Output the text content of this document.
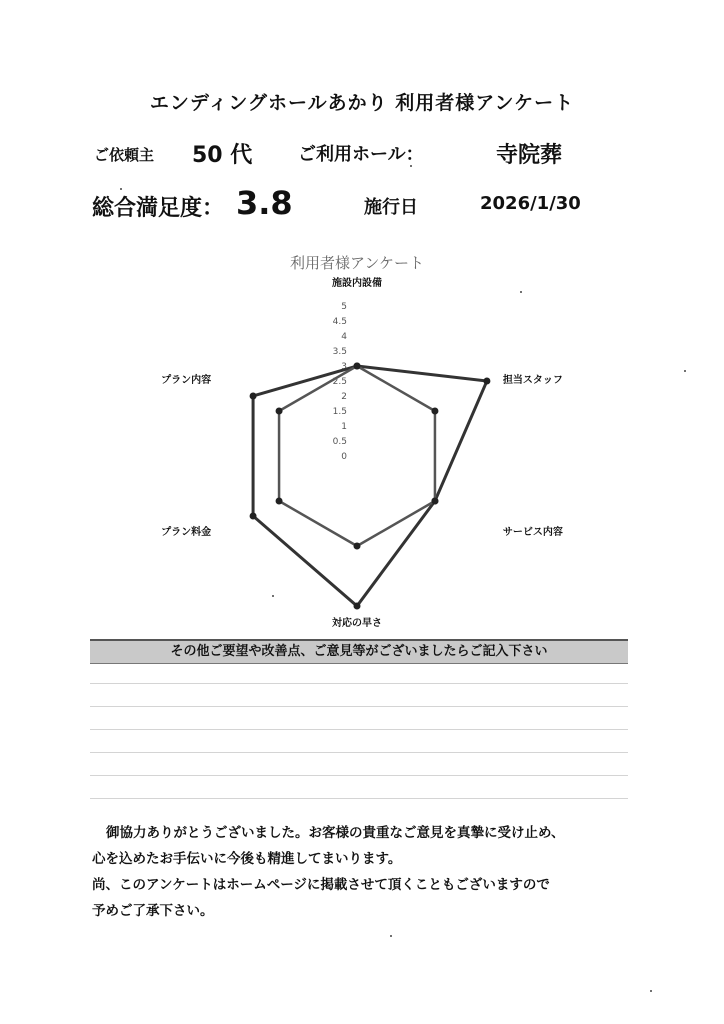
エンディングホールあかり 利用者様アンケート
ご依頼主 50 代	ご利用ホール：	寺院葬
総合満足度： 3.8	施行日	2026/1/30
利用者様アンケート
0
0.5
1
1.5
2
2.5
3
3.5
4
4.5
5
施設内設備
担当スタッフ
サービス内容
対応の早さ
プラン料金
プラン内容
その他ご要望や改善点、ご意見等がございましたらご記入下さい
御協力ありがとうございました。お客様の貴重なご意見を真摯に受け止め、
心を込めたお手伝いに今後も精進してまいります。
尚、このアンケートはホームページに掲載させて頂くこともございますので
予めご了承下さい。
